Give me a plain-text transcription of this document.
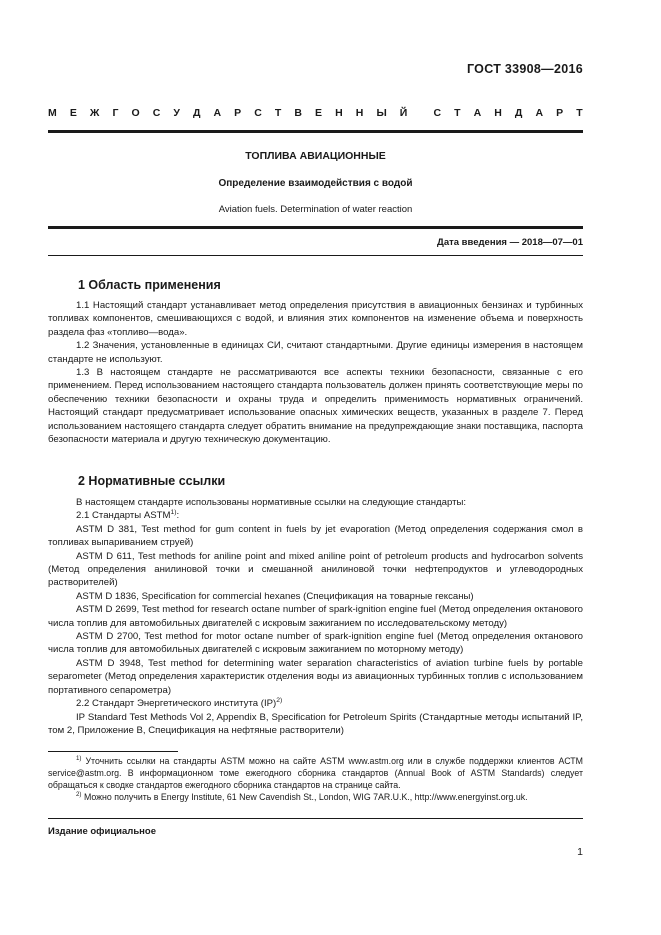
ГОСТ 33908—2016
М Е Ж Г О С У Д А Р С Т В Е Н Н Ы Й С Т А Н Д А Р Т
ТОПЛИВА АВИАЦИОННЫЕ
Определение взаимодействия с водой
Aviation fuels. Determination of water reaction
Дата введения — 2018—07—01
1 Область применения

1.1 Настоящий стандарт устанавливает метод определения присутствия в авиационных бензинах и турбинных топливах компонентов, смешивающихся с водой, и влияния этих компонентов на изменение объема и поверхность раздела фаз «топливо—вода».

1.2 Значения, установленные в единицах СИ, считают стандартными. Другие единицы измерения в настоящем стандарте не используют.

1.3 В настоящем стандарте не рассматриваются все аспекты техники безопасности, связанные с его применением. Перед использованием настоящего стандарта пользователь должен принять соответствующие меры по обеспечению техники безопасности и охраны труда и определить применимость нормативных ограничений. Настоящий стандарт предусматривает использование опасных химических веществ, указанных в разделе 7. Перед использованием настоящего стандарта следует обратить внимание на предупреждающие знаки поставщика, паспорта безопасности материала и другую техническую документацию.

2 Нормативные ссылки

В настоящем стандарте использованы нормативные ссылки на следующие стандарты:

2.1 Стандарты ASTM$^{1)}$:

ASTM D 381, Test method for gum content in fuels by jet evaporation (Метод определения содержания смол в топливах выпариванием струей)

ASTM D 611, Test methods for aniline point and mixed aniline point of petroleum products and hydrocarbon solvents (Метод определения анилиновой точки и смешанной анилиновой точки нефтепродуктов и углеводородных растворителей)

ASTM D 1836, Specification for commercial hexanes (Спецификация на товарные гексаны)

ASTM D 2699, Test method for research octane number of spark-ignition engine fuel (Метод определения октанового числа топлив для автомобильных двигателей с искровым зажиганием по исследовательскому методу)

ASTM D 2700, Test method for motor octane number of spark-ignition engine fuel (Метод определения октанового числа топлив для автомобильных двигателей с искровым зажиганием по моторному методу)

ASTM D 3948, Test method for determining water separation characteristics of aviation turbine fuels by portable separometer (Метод определения характеристик отделения воды из авиационных турбинных топлив с использованием портативного сепарометра)

2.2 Стандарт Энергетического института (IP)$^{2)}$

IP Standard Test Methods Vol 2, Appendix B, Specification for Petroleum Spirits (Стандартные методы испытаний IP, том 2, Приложение В, Спецификация на нефтяные растворители)

$^{1)}$ Уточнить ссылки на стандарты ASTM можно на сайте ASTM www.astm.org или в службе поддержки клиентов АСТМ service@astm.org. В информационном томе ежегодного сборника стандартов (Annual Book of ASTM Standards) следует обращаться к сводке стандартов ежегодного сборника стандартов на странице сайта.

$^{2)}$ Можно получить в Energy Institute, 61 New Cavendish St., London, WIG 7AR.U.K., http://www.energyinst.org.uk.

Издание официальное
1
